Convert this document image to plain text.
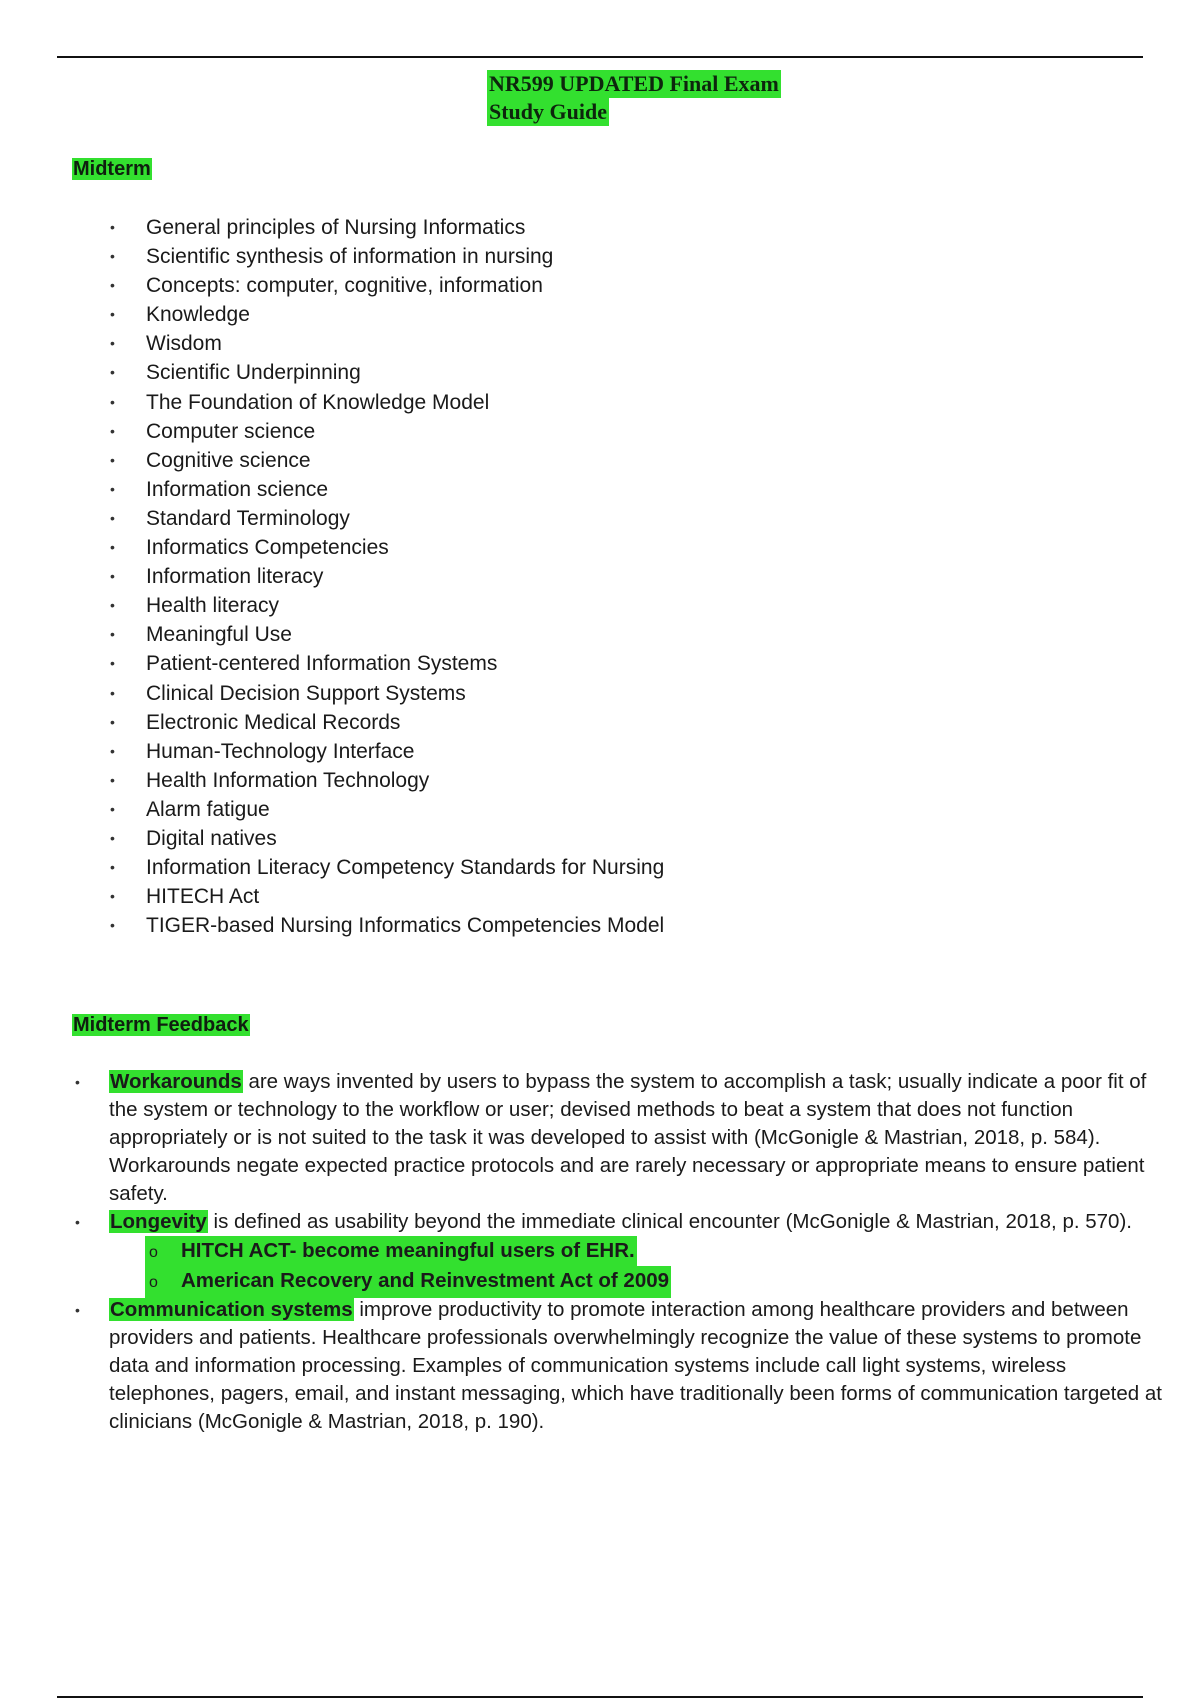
NR599 UPDATED Final Exam
Study Guide
Midterm
• General principles of Nursing Informatics
• Scientific synthesis of information in nursing
• Concepts: computer, cognitive, information
• Knowledge
• Wisdom
• Scientific Underpinning
• The Foundation of Knowledge Model
• Computer science
• Cognitive science
• Information science
• Standard Terminology
• Informatics Competencies
• Information literacy
• Health literacy
• Meaningful Use
• Patient-centered Information Systems
• Clinical Decision Support Systems
• Electronic Medical Records
• Human-Technology Interface
• Health Information Technology
• Alarm fatigue
• Digital natives
• Information Literacy Competency Standards for Nursing
• HITECH Act
• TIGER-based Nursing Informatics Competencies Model
Midterm Feedback
• Workarounds are ways invented by users to bypass the system to accomplish a task; usually indicate a poor fit of the system or technology to the workflow or user; devised methods to beat a system that does not function appropriately or is not suited to the task it was developed to assist with (McGonigle & Mastrian, 2018, p. 584). Workarounds negate expected practice protocols and are rarely necessary or appropriate means to ensure patient safety.
• Longevity is defined as usability beyond the immediate clinical encounter (McGonigle & Mastrian, 2018, p. 570).
o HITCH ACT- become meaningful users of EHR.
o American Recovery and Reinvestment Act of 2009
• Communication systems improve productivity to promote interaction among healthcare providers and between providers and patients. Healthcare professionals overwhelmingly recognize the value of these systems to promote data and information processing. Examples of communication systems include call light systems, wireless telephones, pagers, email, and instant messaging, which have traditionally been forms of communication targeted at clinicians (McGonigle & Mastrian, 2018, p. 190).
